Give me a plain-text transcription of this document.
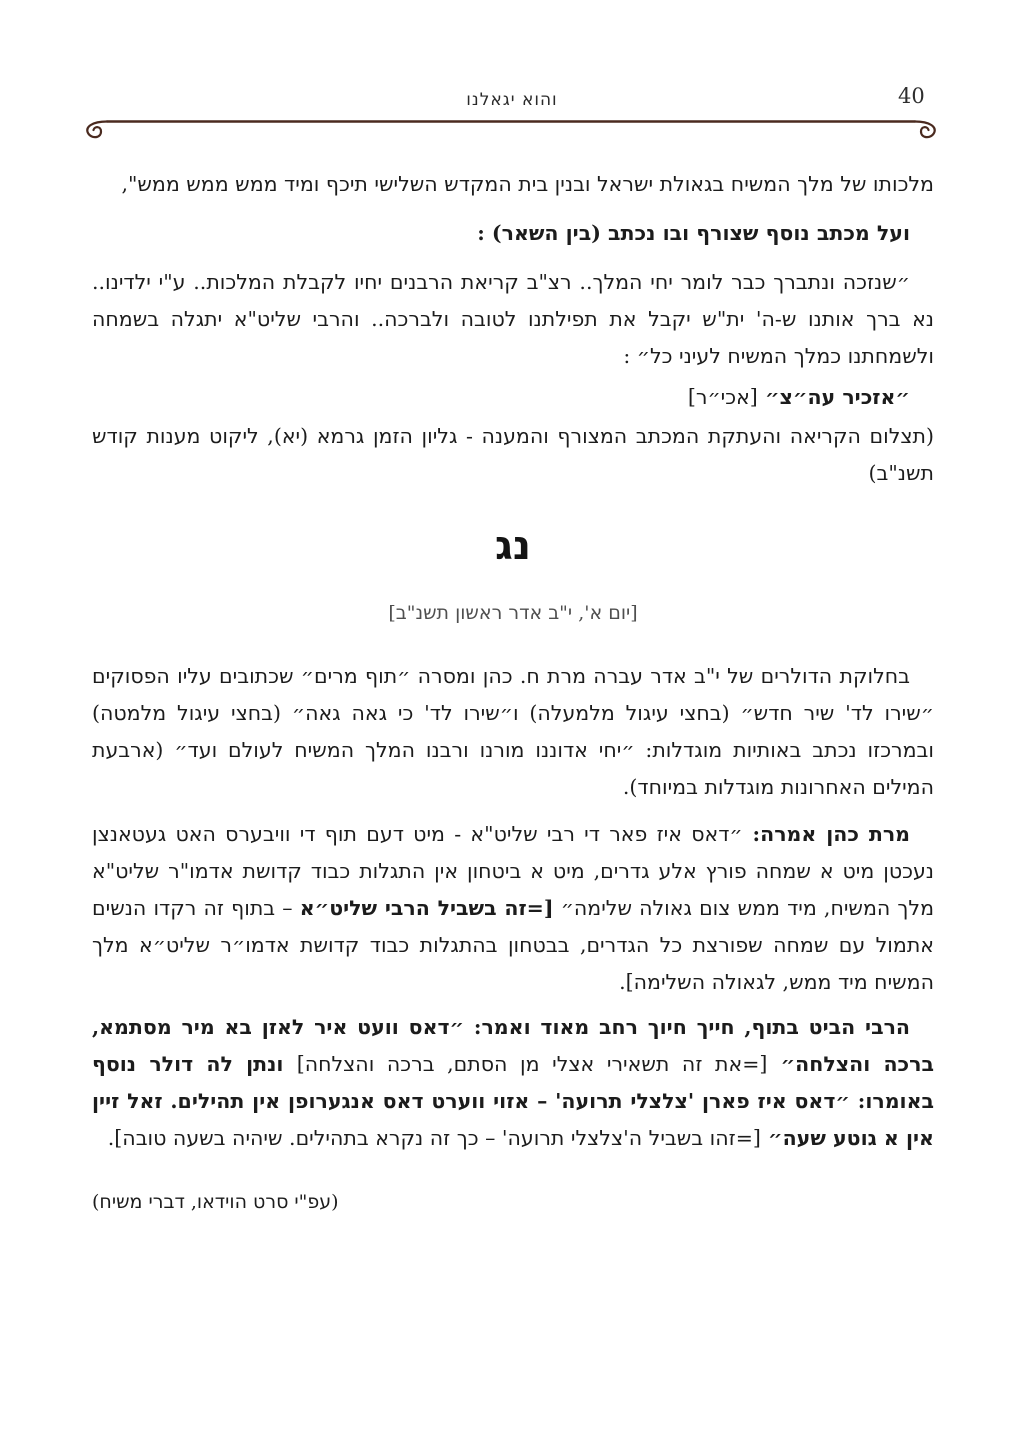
40
והוא יגאלנו

מלכותו של מלך המשיח בגאולת ישראל ובנין בית המקדש השלישי תיכף ומיד ממש ממש ממש",

ועל מכתב נוסף שצורף ובו נכתב (בין השאר) :

״שנזכה ונתברך כבר לומר יחי המלך.. רצ"ב קריאת הרבנים יחיו לקבלת המלכות.. ע"י ילדינו.. נא ברך אותנו ש-ה' ית"ש יקבל את תפילתנו לטובה ולברכה.. והרבי שליט"א יתגלה בשמחה ולשמחתנו כמלך המשיח לעיני כל״ :

״אזכיר עה״צ״ [אכי״ר]

(תצלום הקריאה והעתקת המכתב המצורף והמענה - גליון הזמן גרמא (יא), ליקוט מענות קודש תשנ"ב)

נג
[יום א', י"ב אדר ראשון תשנ"ב]

בחלוקת הדולרים של י"ב אדר עברה מרת ח. כהן ומסרה ״תוף מרים״ שכתובים עליו הפסוקים ״שירו לד' שיר חדש״ (בחצי עיגול מלמעלה) ו״שירו לד' כי גאה גאה״ (בחצי עיגול מלמטה) ובמרכזו נכתב באותיות מוגדלות: ״יחי אדוננו מורנו ורבנו המלך המשיח לעולם ועד״ (ארבעת המילים האחרונות מוגדלות במיוחד).

מרת כהן אמרה: ״דאס איז פאר די רבי שליט"א - מיט דעם תוף די וויבערס האט געטאנצן נעכטן מיט א שמחה פורץ אלע גדרים, מיט א ביטחון אין התגלות כבוד קדושת אדמו"ר שליט"א מלך המשיח, מיד ממש צום גאולה שלימה״ [=זה בשביל הרבי שליט״א – בתוף זה רקדו הנשים אתמול עם שמחה שפורצת כל הגדרים, בבטחון בהתגלות כבוד קדושת אדמו״ר שליט״א מלך המשיח מיד ממש, לגאולה השלימה].

הרבי הביט בתוף, חייך חיוך רחב מאוד ואמר: ״דאס וועט איר לאזן בא מיר מסתמא, ברכה והצלחה״ [=את זה תשאירי אצלי מן הסתם, ברכה והצלחה] ונתן לה דולר נוסף באומרו: ״דאס איז פארן 'צלצלי תרועה' – אזוי ווערט דאס אנגערופן אין תהילים. זאל זיין אין א גוטע שעה״ [=זהו בשביל ה'צלצלי תרועה' – כך זה נקרא בתהילים. שיהיה בשעה טובה].

(עפ"י סרט הוידאו, דברי משיח)
